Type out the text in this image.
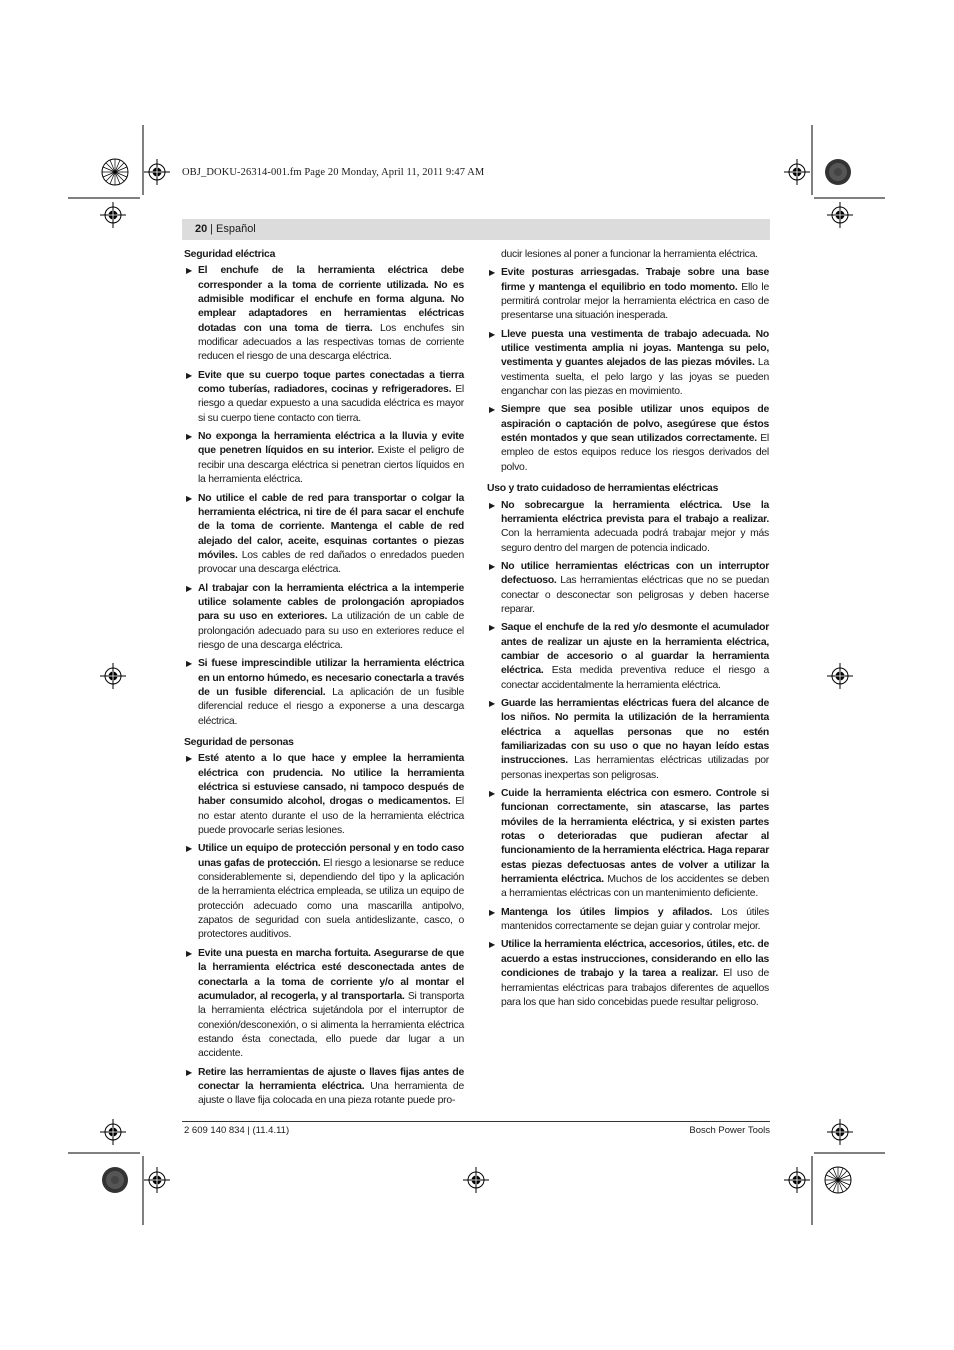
OBJ_DOKU-26314-001.fm Page 20 Monday, April 11, 2011 9:47 AM
20 | Español
Seguridad eléctrica
▶ El enchufe de la herramienta eléctrica debe corresponder a la toma de corriente utilizada. No es admisible modificar el enchufe en forma alguna. No emplear adaptadores en herramientas eléctricas dotadas con una toma de tierra. Los enchufes sin modificar adecuados a las respectivas tomas de corriente reducen el riesgo de una descarga eléctrica.
▶ Evite que su cuerpo toque partes conectadas a tierra como tuberías, radiadores, cocinas y refrigeradores. El riesgo a quedar expuesto a una sacudida eléctrica es mayor si su cuerpo tiene contacto con tierra.
▶ No exponga la herramienta eléctrica a la lluvia y evite que penetren líquidos en su interior. Existe el peligro de recibir una descarga eléctrica si penetran ciertos líquidos en la herramienta eléctrica.
▶ No utilice el cable de red para transportar o colgar la herramienta eléctrica, ni tire de él para sacar el enchufe de la toma de corriente. Mantenga el cable de red alejado del calor, aceite, esquinas cortantes o piezas móviles. Los cables de red dañados o enredados pueden provocar una descarga eléctrica.
▶ Al trabajar con la herramienta eléctrica a la intemperie utilice solamente cables de prolongación apropiados para su uso en exteriores. La utilización de un cable de prolongación adecuado para su uso en exteriores reduce el riesgo de una descarga eléctrica.
▶ Si fuese imprescindible utilizar la herramienta eléctrica en un entorno húmedo, es necesario conectarla a través de un fusible diferencial. La aplicación de un fusible diferencial reduce el riesgo a exponerse a una descarga eléctrica.
Seguridad de personas
▶ Esté atento a lo que hace y emplee la herramienta eléctrica con prudencia. No utilice la herramienta eléctrica si estuviese cansado, ni tampoco después de haber consumido alcohol, drogas o medicamentos. El no estar atento durante el uso de la herramienta eléctrica puede provocarle serias lesiones.
▶ Utilice un equipo de protección personal y en todo caso unas gafas de protección. El riesgo a lesionarse se reduce considerablemente si, dependiendo del tipo y la aplicación de la herramienta eléctrica empleada, se utiliza un equipo de protección adecuado como una mascarilla antipolvo, zapatos de seguridad con suela antideslizante, casco, o protectores auditivos.
▶ Evite una puesta en marcha fortuita. Asegurarse de que la herramienta eléctrica esté desconectada antes de conectarla a la toma de corriente y/o al montar el acumulador, al recogerla, y al transportarla. Si transporta la herramienta eléctrica sujetándola por el interruptor de conexión/desconexión, o si alimenta la herramienta eléctrica estando ésta conectada, ello puede dar lugar a un accidente.
▶ Retire las herramientas de ajuste o llaves fijas antes de conectar la herramienta eléctrica. Una herramienta de ajuste o llave fija colocada en una pieza rotante puede pro-
ducir lesiones al poner a funcionar la herramienta eléctrica.
▶ Evite posturas arriesgadas. Trabaje sobre una base firme y mantenga el equilibrio en todo momento. Ello le permitirá controlar mejor la herramienta eléctrica en caso de presentarse una situación inesperada.
▶ Lleve puesta una vestimenta de trabajo adecuada. No utilice vestimenta amplia ni joyas. Mantenga su pelo, vestimenta y guantes alejados de las piezas móviles. La vestimenta suelta, el pelo largo y las joyas se pueden enganchar con las piezas en movimiento.
▶ Siempre que sea posible utilizar unos equipos de aspiración o captación de polvo, asegúrese que éstos estén montados y que sean utilizados correctamente. El empleo de estos equipos reduce los riesgos derivados del polvo.
Uso y trato cuidadoso de herramientas eléctricas
▶ No sobrecargue la herramienta eléctrica. Use la herramienta eléctrica prevista para el trabajo a realizar. Con la herramienta adecuada podrá trabajar mejor y más seguro dentro del margen de potencia indicado.
▶ No utilice herramientas eléctricas con un interruptor defectuoso. Las herramientas eléctricas que no se puedan conectar o desconectar son peligrosas y deben hacerse reparar.
▶ Saque el enchufe de la red y/o desmonte el acumulador antes de realizar un ajuste en la herramienta eléctrica, cambiar de accesorio o al guardar la herramienta eléctrica. Esta medida preventiva reduce el riesgo a conectar accidentalmente la herramienta eléctrica.
▶ Guarde las herramientas eléctricas fuera del alcance de los niños. No permita la utilización de la herramienta eléctrica a aquellas personas que no estén familiarizadas con su uso o que no hayan leído estas instrucciones. Las herramientas eléctricas utilizadas por personas inexpertas son peligrosas.
▶ Cuide la herramienta eléctrica con esmero. Controle si funcionan correctamente, sin atascarse, las partes móviles de la herramienta eléctrica, y si existen partes rotas o deterioradas que pudieran afectar al funcionamiento de la herramienta eléctrica. Haga reparar estas piezas defectuosas antes de volver a utilizar la herramienta eléctrica. Muchos de los accidentes se deben a herramientas eléctricas con un mantenimiento deficiente.
▶ Mantenga los útiles limpios y afilados. Los útiles mantenidos correctamente se dejan guiar y controlar mejor.
▶ Utilice la herramienta eléctrica, accesorios, útiles, etc. de acuerdo a estas instrucciones, considerando en ello las condiciones de trabajo y la tarea a realizar. El uso de herramientas eléctricas para trabajos diferentes de aquellos para los que han sido concebidas puede resultar peligroso.
2 609 140 834 | (11.4.11)	Bosch Power Tools
